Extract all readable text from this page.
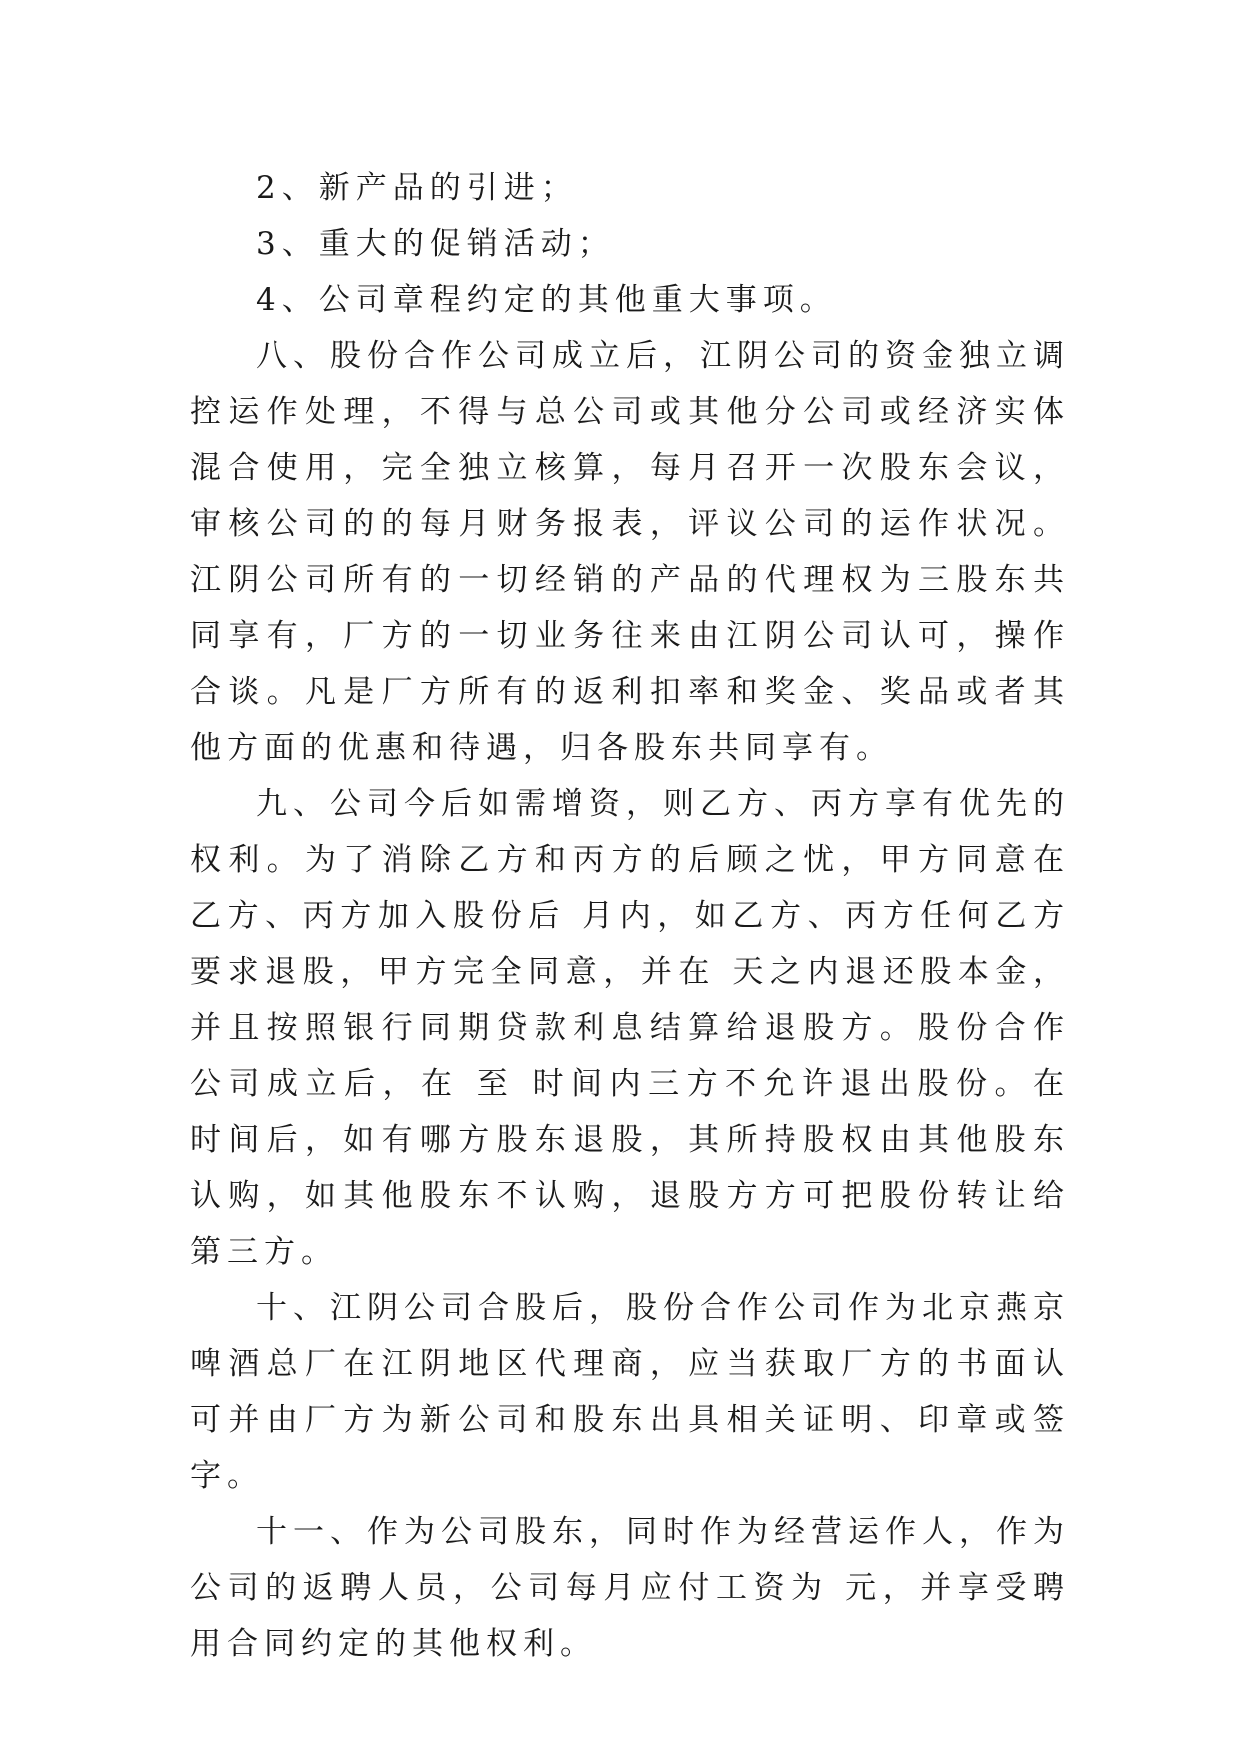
2、新产品的引进；

3、重大的促销活动；

4、公司章程约定的其他重大事项。

八、股份合作公司成立后，江阴公司的资金独立调控运作处理，不得与总公司或其他分公司或经济实体混合使用，完全独立核算，每月召开一次股东会议，审核公司的的每月财务报表，评议公司的运作状况。江阴公司所有的一切经销的产品的代理权为三股东共同享有，厂方的一切业务往来由江阴公司认可，操作合谈。凡是厂方所有的返利扣率和奖金、奖品或者其他方面的优惠和待遇，归各股东共同享有。

九、公司今后如需增资，则乙方、丙方享有优先的权利。为了消除乙方和丙方的后顾之忧，甲方同意在乙方、丙方加入股份后 月内，如乙方、丙方任何乙方要求退股，甲方完全同意，并在 天之内退还股本金，并且按照银行同期贷款利息结算给退股方。股份合作公司成立后，在 至 时间内三方不允许退出股份。在 时间后，如有哪方股东退股，其所持股权由其他股东认购，如其他股东不认购，退股方方可把股份转让给第三方。

十、江阴公司合股后，股份合作公司作为北京燕京啤酒总厂在江阴地区代理商，应当获取厂方的书面认可并由厂方为新公司和股东出具相关证明、印章或签字。

十一、作为公司股东，同时作为经营运作人，作为公司的返聘人员，公司每月应付工资为 元，并享受聘用合同约定的其他权利。
